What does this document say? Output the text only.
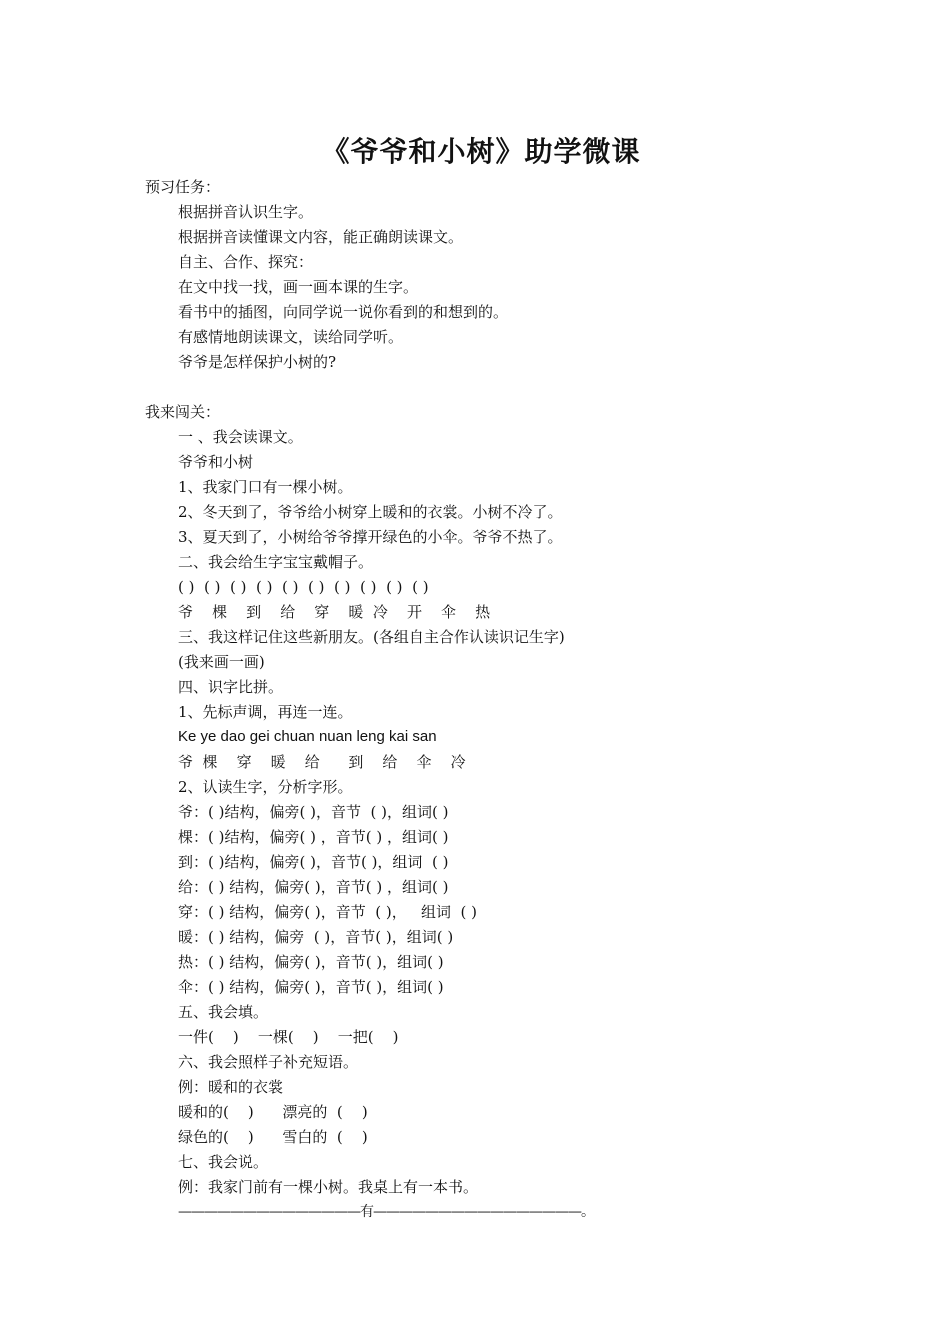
《爷爷和小树》助学微课
预习任务：
根据拼音认识生字。
根据拼音读懂课文内容，能正确朗读课文。
自主、合作、探究：
在文中找一找，画一画本课的生字。
看书中的插图，向同学说一说你看到的和想到的。
有感情地朗读课文，读给同学听。
爷爷是怎样保护小树的?
我来闯关：
一 、我会读课文。
爷爷和小树
1、我家门口有一棵小树。
2、冬天到了，爷爷给小树穿上暖和的衣裳。小树不冷了。
3、夏天到了，小树给爷爷撑开绿色的小伞。爷爷不热了。
二、我会给生字宝宝戴帽子。
( )  ( )  ( )  ( )  ( )  ( )  ( )  ( )  ( )  ( )
爷    棵    到    给    穿    暖  冷    开    伞    热
三、我这样记住这些新朋友。(各组自主合作认读识记生字)
(我来画一画)
四、识字比拼。
1、先标声调，再连一连。
Ke ye dao gei chuan nuan leng kai san
爷  棵    穿    暖    给      到    给    伞    冷
2、认读生字，分析字形。
爷：( )结构，偏旁( )，音节  ( )，组词( )
棵：( )结构，偏旁( ) ，音节( ) ，组词( )
到：( )结构，偏旁( )，音节( )，组词  ( )
给：( ) 结构，偏旁( )，音节( ) ，组词( )
穿：( ) 结构，偏旁( )，音节  ( )，   组词  ( )
暖：( ) 结构，偏旁  ( )，音节( )，组词( )
热：( ) 结构，偏旁( )，音节( )，组词( )
伞：( ) 结构，偏旁( )，音节( )，组词( )
五、我会填。
一件(    )    一棵(    )    一把(    )
六、我会照样子补充短语。
例：暖和的衣裳
暖和的(    )      漂亮的  (    )
绿色的(    )      雪白的  (    )
七、我会说。
例：我家门前有一棵小树。我桌上有一本书。
——————————————有————————————————。
